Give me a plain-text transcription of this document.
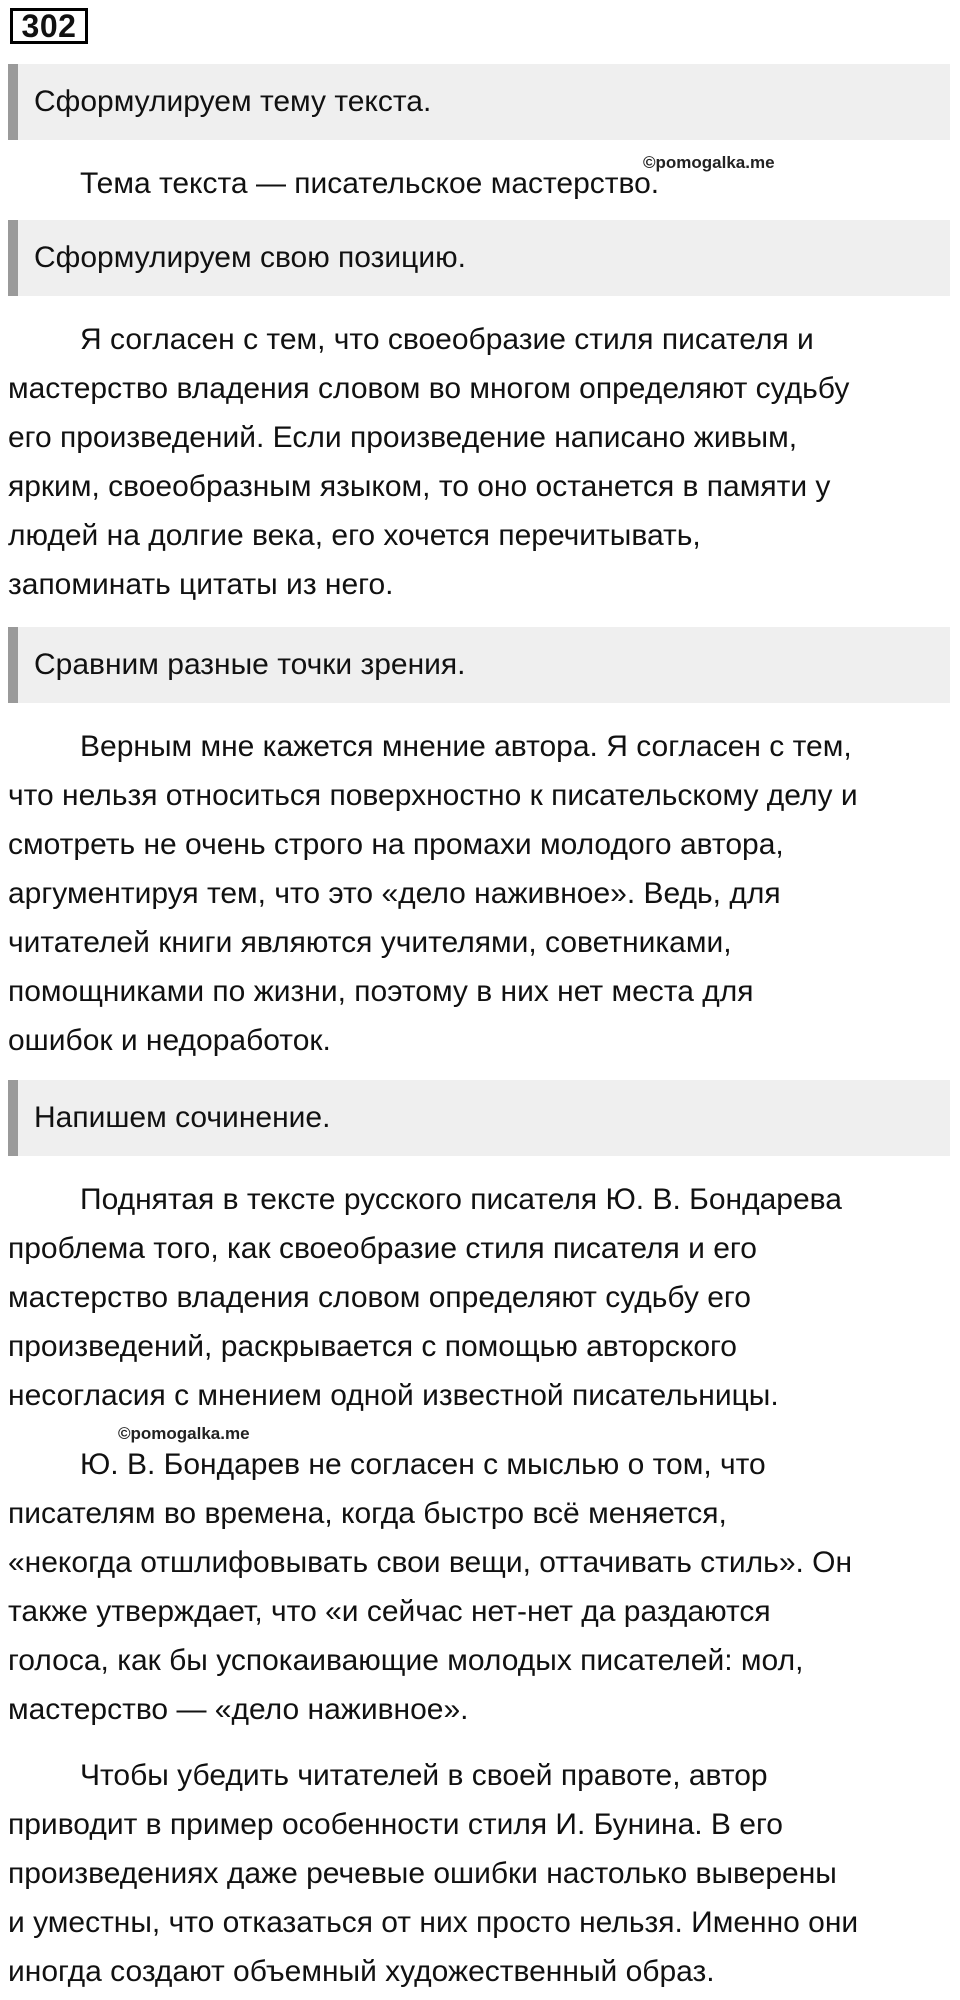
302
Сформулируем тему текста.
Тема текста — писательское мастерство.
©pomogalka.me
Сформулируем свою позицию.
Я согласен с тем, что своеобразие стиля писателя и
мастерство владения словом во многом определяют судьбу
его произведений. Если произведение написано живым,
ярким, своеобразным языком, то оно останется в памяти у
людей на долгие века, его хочется перечитывать,
запоминать цитаты из него.
Сравним разные точки зрения.
Верным мне кажется мнение автора. Я согласен с тем,
что нельзя относиться поверхностно к писательскому делу и
смотреть не очень строго на промахи молодого автора,
аргументируя тем, что это «дело наживное». Ведь, для
читателей книги являются учителями, советниками,
помощниками по жизни, поэтому в них нет места для
ошибок и недоработок.
Напишем сочинение.
Поднятая в тексте русского писателя Ю. В. Бондарева
проблема того, как своеобразие стиля писателя и его
мастерство владения словом определяют судьбу его
произведений, раскрывается с помощью авторского
несогласия с мнением одной известной писательницы.
©pomogalka.me
Ю. В. Бондарев не согласен с мыслью о том, что
писателям во времена, когда быстро всё меняется,
«некогда отшлифовывать свои вещи, оттачивать стиль». Он
также утверждает, что «и сейчас нет-нет да раздаются
голоса, как бы успокаивающие молодых писателей: мол,
мастерство — «дело наживное».
Чтобы убедить читателей в своей правоте, автор
приводит в пример особенности стиля И. Бунина. В его
произведениях даже речевые ошибки настолько выверены
и уместны, что отказаться от них просто нельзя. Именно они
иногда создают объемный художественный образ.
